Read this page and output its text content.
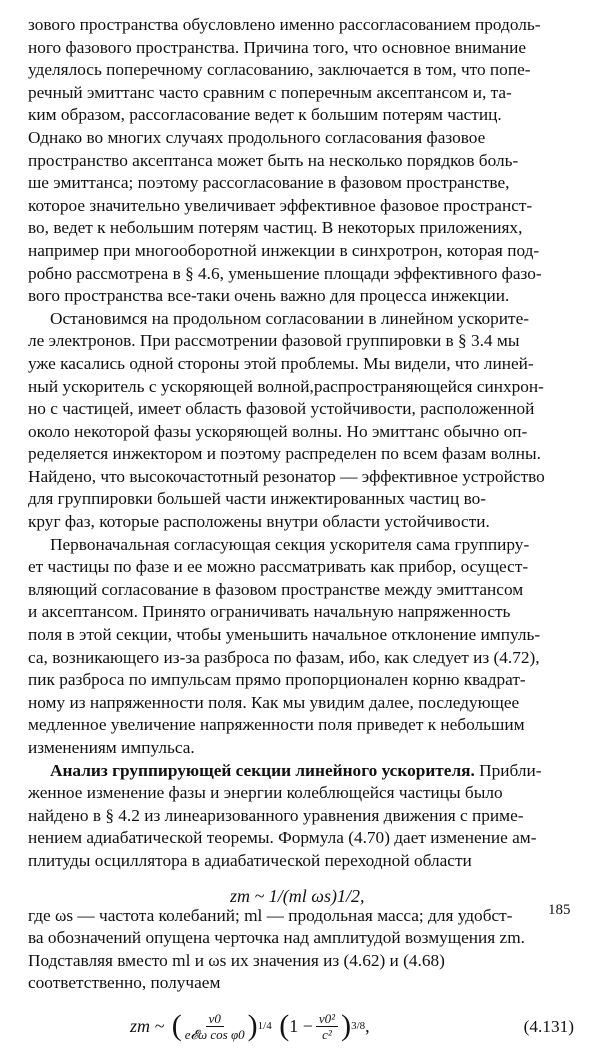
зового пространства обусловлено именно рассогласованием продоль-
ного фазового пространства. Причина того, что основное внимание
уделялось поперечному согласованию, заключается в том, что попе-
речный эмиттанс часто сравним с поперечным аксептансом и, та-
ким образом, рассогласование ведет к большим потерям частиц.
Однако во многих случаях продольного согласования фазовое
пространство аксептанса может быть на несколько порядков боль-
ше эмиттанса; поэтому рассогласование в фазовом пространстве,
которое значительно увеличивает эффективное фазовое пространст-
во, ведет к небольшим потерям частиц. В некоторых приложениях,
например при многооборотной инжекции в синхротрон, которая под-
робно рассмотрена в § 4.6, уменьшение площади эффективного фазо-
вого пространства все-таки очень важно для процесса инжекции.

Остановимся на продольном согласовании в линейном ускорите-
ле электронов. При рассмотрении фазовой группировки в § 3.4 мы
уже касались одной стороны этой проблемы. Мы видели, что линей-
ный ускоритель с ускоряющей волной,распространяющейся синхрон-
но с частицей, имеет область фазовой устойчивости, расположенной
около некоторой фазы ускоряющей волны. Но эмиттанс обычно оп-
ределяется инжектором и поэтому распределен по всем фазам волны.
Найдено, что высокочастотный резонатор — эффективное устройство
для группировки большей части инжектированных частиц во-
круг фаз, которые расположены внутри области устойчивости.

Первоначальная согласующая секция ускорителя сама группиру-
ет частицы по фазе и ее можно рассматривать как прибор, осущест-
вляющий согласование в фазовом пространстве между эмиттансом
и аксептансом. Принято ограничивать начальную напряженность
поля в этой секции, чтобы уменьшить начальное отклонение импуль-
са, возникающего из-за разброса по фазам, ибо, как следует из (4.72),
пик разброса по импульсам прямо пропорционален корню квадрат-
ному из напряженности поля. Как мы увидим далее, последующее
медленное увеличение напряженности поля приведет к небольшим
изменениям импульса.

Анализ группирующей секции линейного ускорителя. Прибли-
женное изменение фазы и энергии колеблющейся частицы было
найдено в § 4.2 из линеаризованного уравнения движения с приме-
нением адиабатической теоремы. Формула (4.70) дает изменение ам-
плитуды осциллятора в адиабатической переходной области

zm ~ 1/(ml ωs)1/2,

где ωs — частота колебаний; ml — продольная масса; для удобст-
ва обозначений опущена черточка над амплитудой возмущения zm.
Подставляя вместо ml и ωs их значения из (4.62) и (4.68)
соответственно, получаем

zm ~ ( $\frac{v0}{\text{e𝓔ω cos φ0}}$ ) 1/4 ( $1 - \frac{\text{v0²}}{\text{c²}}$ ) 3/8 ,	(4.131)
185
